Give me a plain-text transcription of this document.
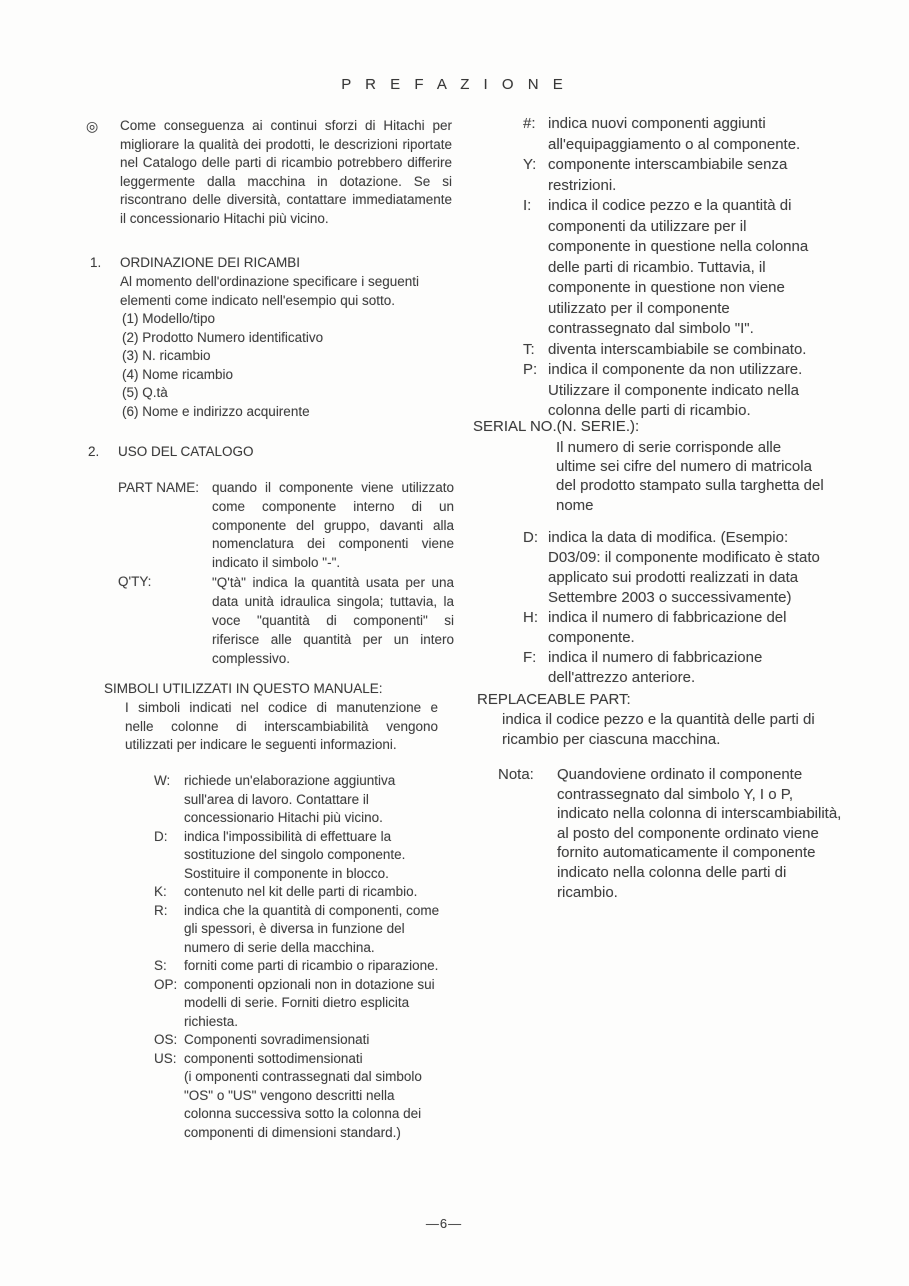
P R E F A Z I O N E
◎ Come conseguenza ai continui sforzi di Hitachi per
migliorare la qualità dei prodotti, le descrizioni riportate
nel Catalogo delle parti di ricambio potrebbero differire
leggermente dalla macchina in dotazione. Se si
riscontrano delle diversità, contattare immediatamente
il concessionario Hitachi più vicino.
1. ORDINAZIONE DEI RICAMBI
Al momento dell'ordinazione specificare i seguenti
elementi come indicato nell'esempio qui sotto.
(1) Modello/tipo
(2) Prodotto Numero identificativo
(3) N. ricambio
(4) Nome ricambio
(5) Q.tà
(6) Nome e indirizzo acquirente
2. USO DEL CATALOGO
PART NAME: quando il componente viene utilizzato
come componente interno di un
componente del gruppo, davanti alla
nomenclatura dei componenti viene
indicato il simbolo "-".
Q'TY:	"Q'tà" indica la quantità usata per una
data unità idraulica singola; tuttavia, la
voce "quantità di componenti" si
riferisce alle quantità per un intero
complessivo.
SIMBOLI UTILIZZATI IN QUESTO MANUALE:
I simboli indicati nel codice di manutenzione e
nelle colonne di interscambiabilità vengono
utilizzati per indicare le seguenti informazioni.
W:	richiede un'elaborazione aggiuntiva
sull'area di lavoro. Contattare il
concessionario Hitachi più vicino.
D:	indica l'impossibilità di effettuare la
sostituzione del singolo componente.
Sostituire il componente in blocco.
K:	contenuto nel kit delle parti di ricambio.
R:	indica che la quantità di componenti, come
gli spessori, è diversa in funzione del
numero di serie della macchina.
S:	forniti come parti di ricambio o riparazione.
OP: componenti opzionali non in dotazione sui
modelli di serie. Forniti dietro esplicita
richiesta.
OS: Componenti sovradimensionati
US: componenti sottodimensionati
(i omponenti contrassegnati dal simbolo
"OS" o "US" vengono descritti nella
colonna successiva sotto la colonna dei
componenti di dimensioni standard.)
#: indica nuovi componenti aggiunti
all'equipaggiamento o al componente.
Y: componente interscambiabile senza
restrizioni.
I:	indica il codice pezzo e la quantità di
componenti da utilizzare per il
componente in questione nella colonna
delle parti di ricambio. Tuttavia, il
componente in questione non viene
utilizzato per il componente
contrassegnato dal simbolo "I".
T: diventa interscambiabile se combinato.
P: indica il componente da non utilizzare.
Utilizzare il componente indicato nella
colonna delle parti di ricambio.
SERIAL NO.(N. SERIE.):
Il numero di serie corrisponde alle
ultime sei cifre del numero di matricola
del prodotto stampato sulla targhetta del
nome
D: indica la data di modifica. (Esempio:
D03/09: il componente modificato è stato
applicato sui prodotti realizzati in data
Settembre 2003 o successivamente)
H: indica il numero di fabbricazione del
componente.
F: indica il numero di fabbricazione
dell'attrezzo anteriore.
REPLACEABLE PART:
indica il codice pezzo e la quantità delle parti di
ricambio per ciascuna macchina.
Nota: Quandoviene ordinato il componente
contrassegnato dal simbolo Y, I o P,
indicato nella colonna di interscambiabilità,
al posto del componente ordinato viene
fornito automaticamente il componente
indicato nella colonna delle parti di
ricambio.
—6—
